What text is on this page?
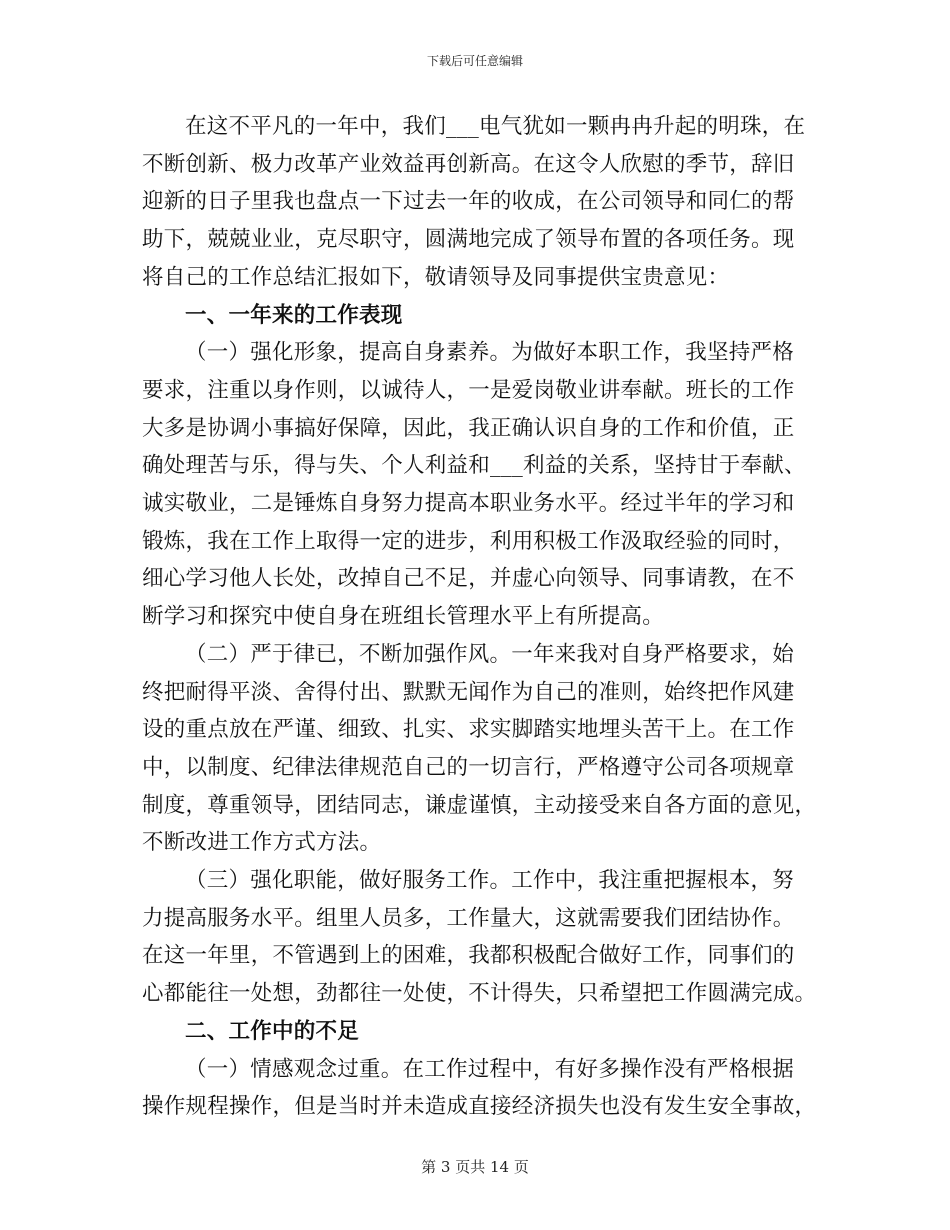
下载后可任意编辑

在这不平凡的一年中，我们___电气犹如一颗冉冉升起的明珠，在
不断创新、极力改革产业效益再创新高。在这令人欣慰的季节，辞旧
迎新的日子里我也盘点一下过去一年的收成，在公司领导和同仁的帮
助下，兢兢业业，克尽职守，圆满地完成了领导布置的各项任务。现
将自己的工作总结汇报如下，敬请领导及同事提供宝贵意见：

一、一年来的工作表现

（一）强化形象，提高自身素养。为做好本职工作，我坚持严格
要求，注重以身作则，以诚待人，一是爱岗敬业讲奉献。班长的工作
大多是协调小事搞好保障，因此，我正确认识自身的工作和价值，正
确处理苦与乐，得与失、个人利益和___利益的关系，坚持甘于奉献、
诚实敬业，二是锤炼自身努力提高本职业务水平。经过半年的学习和
锻炼，我在工作上取得一定的进步，利用积极工作汲取经验的同时，
细心学习他人长处，改掉自己不足，并虚心向领导、同事请教，在不
断学习和探究中使自身在班组长管理水平上有所提高。

（二）严于律已，不断加强作风。一年来我对自身严格要求，始
终把耐得平淡、舍得付出、默默无闻作为自己的准则，始终把作风建
设的重点放在严谨、细致、扎实、求实脚踏实地埋头苦干上。在工作
中，以制度、纪律法律规范自己的一切言行，严格遵守公司各项规章
制度，尊重领导，团结同志，谦虚谨慎，主动接受来自各方面的意见，
不断改进工作方式方法。

（三）强化职能，做好服务工作。工作中，我注重把握根本，努
力提高服务水平。组里人员多，工作量大，这就需要我们团结协作。
在这一年里，不管遇到上的困难，我都积极配合做好工作，同事们的
心都能往一处想，劲都往一处使，不计得失，只希望把工作圆满完成。

二、工作中的不足

（一）情感观念过重。在工作过程中，有好多操作没有严格根据
操作规程操作，但是当时并未造成直接经济损失也没有发生安全事故，

第 3 页共 14 页
